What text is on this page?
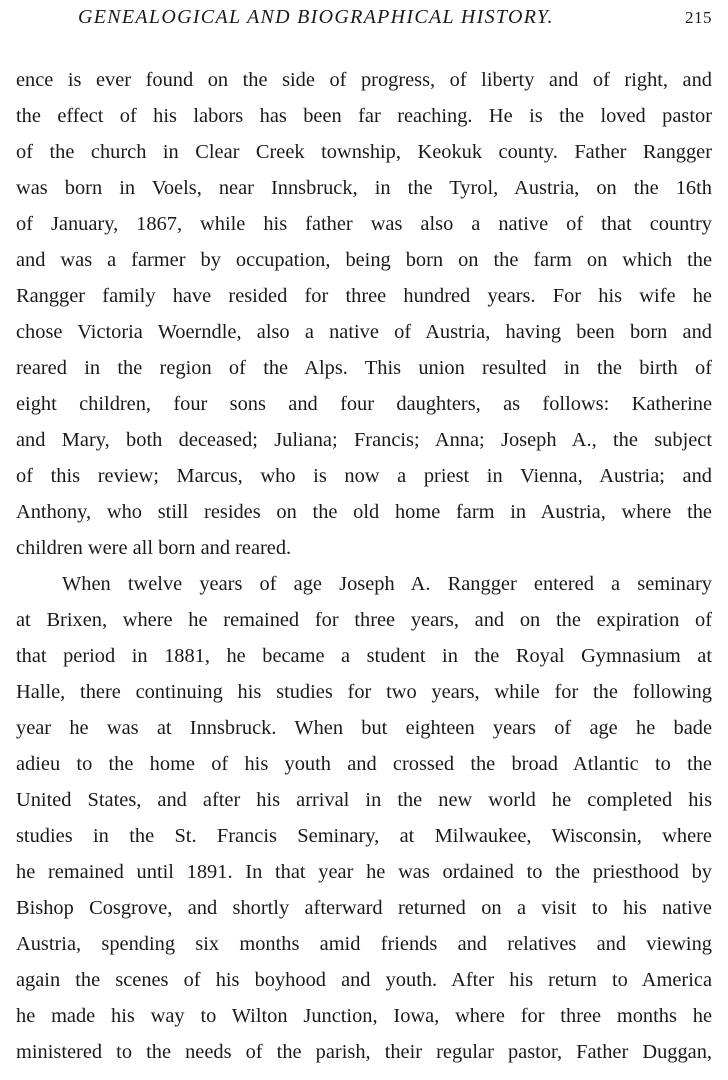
GENEALOGICAL AND BIOGRAPHICAL HISTORY.	215

ence is ever found on the side of progress, of liberty and of right, and
the effect of his labors has been far reaching. He is the loved pastor
of the church in Clear Creek township, Keokuk county. Father Rangger
was born in Voels, near Innsbruck, in the Tyrol, Austria, on the 16th
of January, 1867, while his father was also a native of that country
and was a farmer by occupation, being born on the farm on which the
Rangger family have resided for three hundred years. For his wife he
chose Victoria Woerndle, also a native of Austria, having been born and
reared in the region of the Alps. This union resulted in the birth of
eight children, four sons and four daughters, as follows: Katherine
and Mary, both deceased; Juliana; Francis; Anna; Joseph A., the subject
of this review; Marcus, who is now a priest in Vienna, Austria; and
Anthony, who still resides on the old home farm in Austria, where the
children were all born and reared.

When twelve years of age Joseph A. Rangger entered a seminary
at Brixen, where he remained for three years, and on the expiration of
that period in 1881, he became a student in the Royal Gymnasium at
Halle, there continuing his studies for two years, while for the following
year he was at Innsbruck. When but eighteen years of age he bade
adieu to the home of his youth and crossed the broad Atlantic to the
United States, and after his arrival in the new world he completed his
studies in the St. Francis Seminary, at Milwaukee, Wisconsin, where
he remained until 1891. In that year he was ordained to the priesthood by
Bishop Cosgrove, and shortly afterward returned on a visit to his native
Austria, spending six months amid friends and relatives and viewing
again the scenes of his boyhood and youth. After his return to America
he made his way to Wilton Junction, Iowa, where for three months he
ministered to the needs of the parish, their regular pastor, Father Duggan,
